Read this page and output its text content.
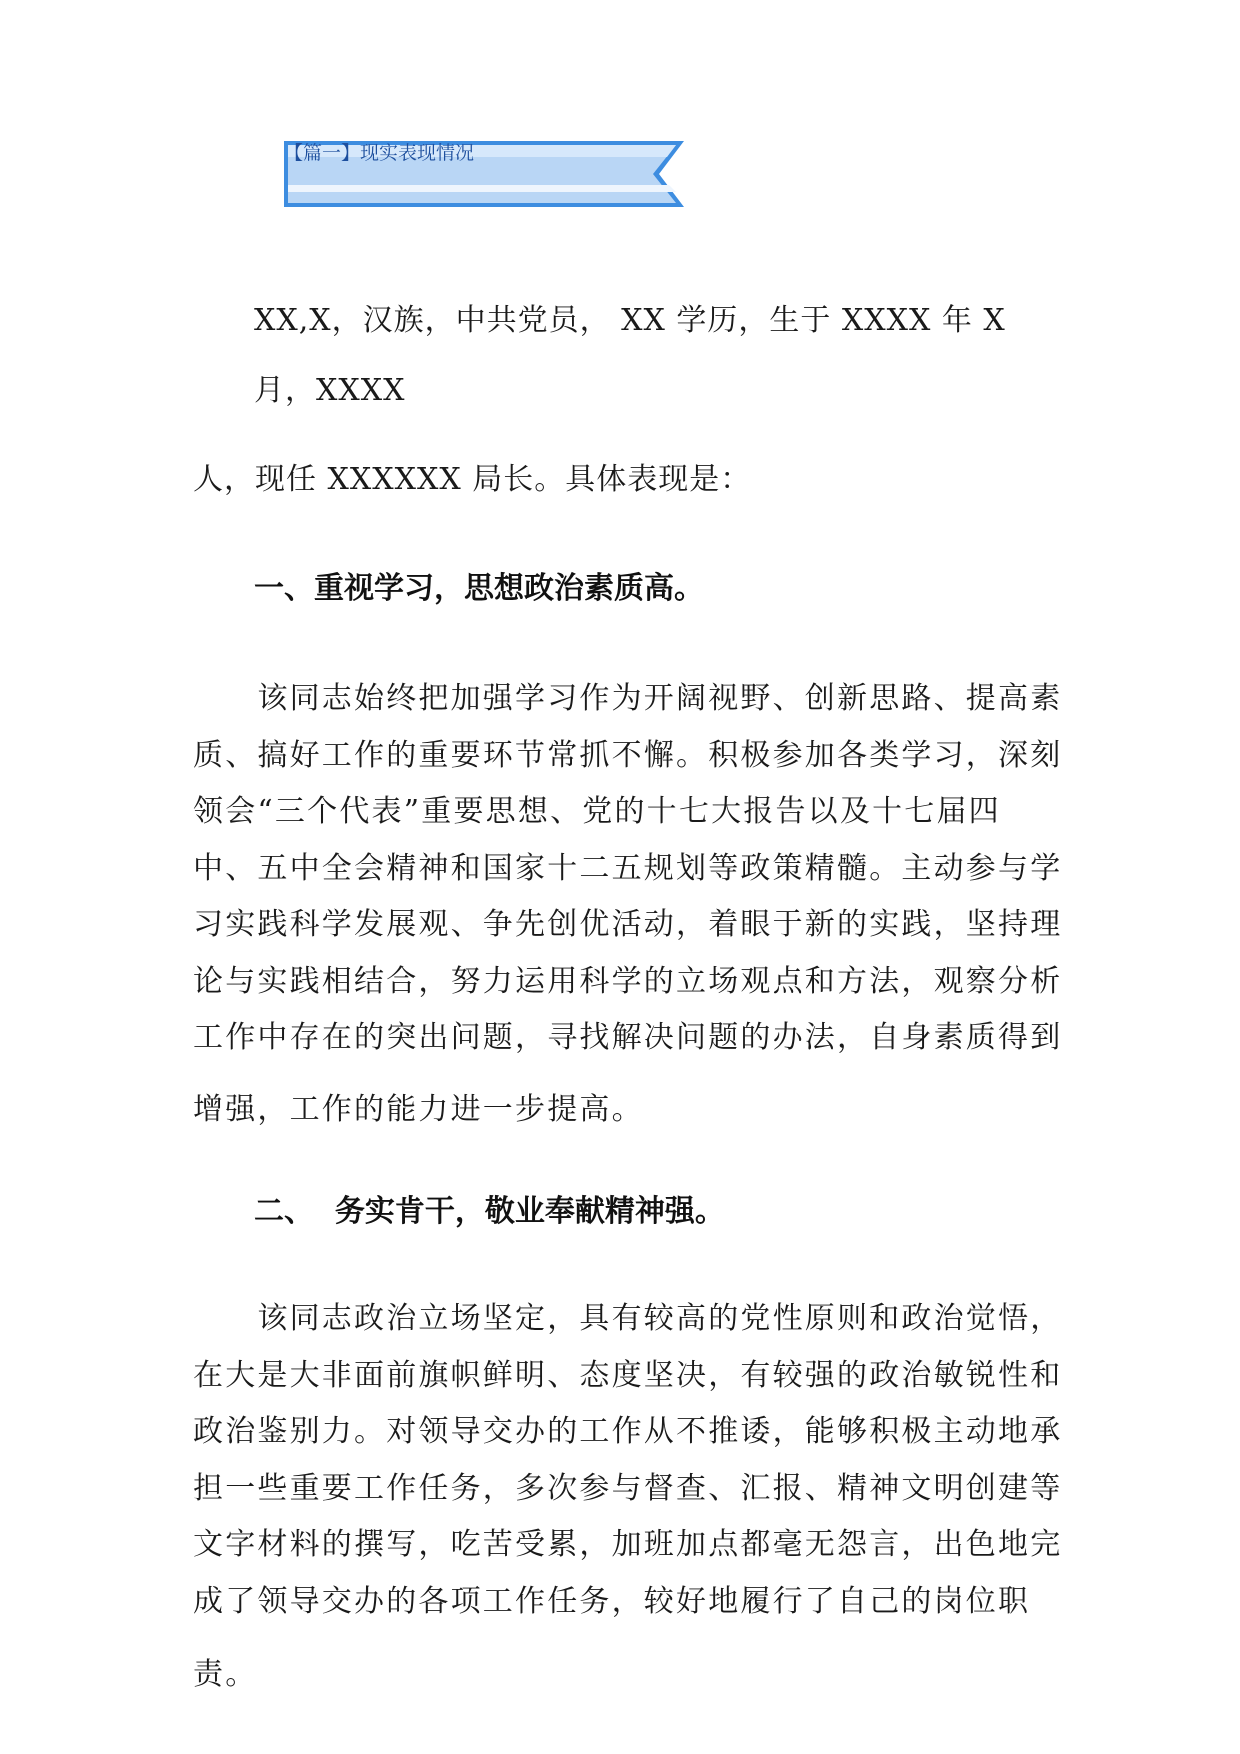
【篇一】现实表现情况
XX,X，汉族，中共党员， XX 学历，生于 XXXX 年 X
月，XXXX
人，现任 XXXXXX 局长。具体表现是：
一、重视学习，思想政治素质高。

　　该同志始终把加强学习作为开阔视野、创新思路、提高素

质、搞好工作的重要环节常抓不懈。积极参加各类学习，深刻

领会“三个代表”重要思想、党的十七大报告以及十七届四

中、五中全会精神和国家十二五规划等政策精髓。主动参与学

习实践科学发展观、争先创优活动，着眼于新的实践，坚持理

论与实践相结合，努力运用科学的立场观点和方法，观察分析

工作中存在的突出问题，寻找解决问题的办法，自身素质得到

增强，工作的能力进一步提高。
二、  务实肯干，敬业奉献精神强。

　　该同志政治立场坚定，具有较高的党性原则和政治觉悟，

在大是大非面前旗帜鲜明、态度坚决，有较强的政治敏锐性和

政治鉴别力。对领导交办的工作从不推诿，能够积极主动地承

担一些重要工作任务，多次参与督查、汇报、精神文明创建等

文字材料的撰写，吃苦受累，加班加点都毫无怨言，出色地完

成了领导交办的各项工作任务，较好地履行了自己的岗位职

责。
